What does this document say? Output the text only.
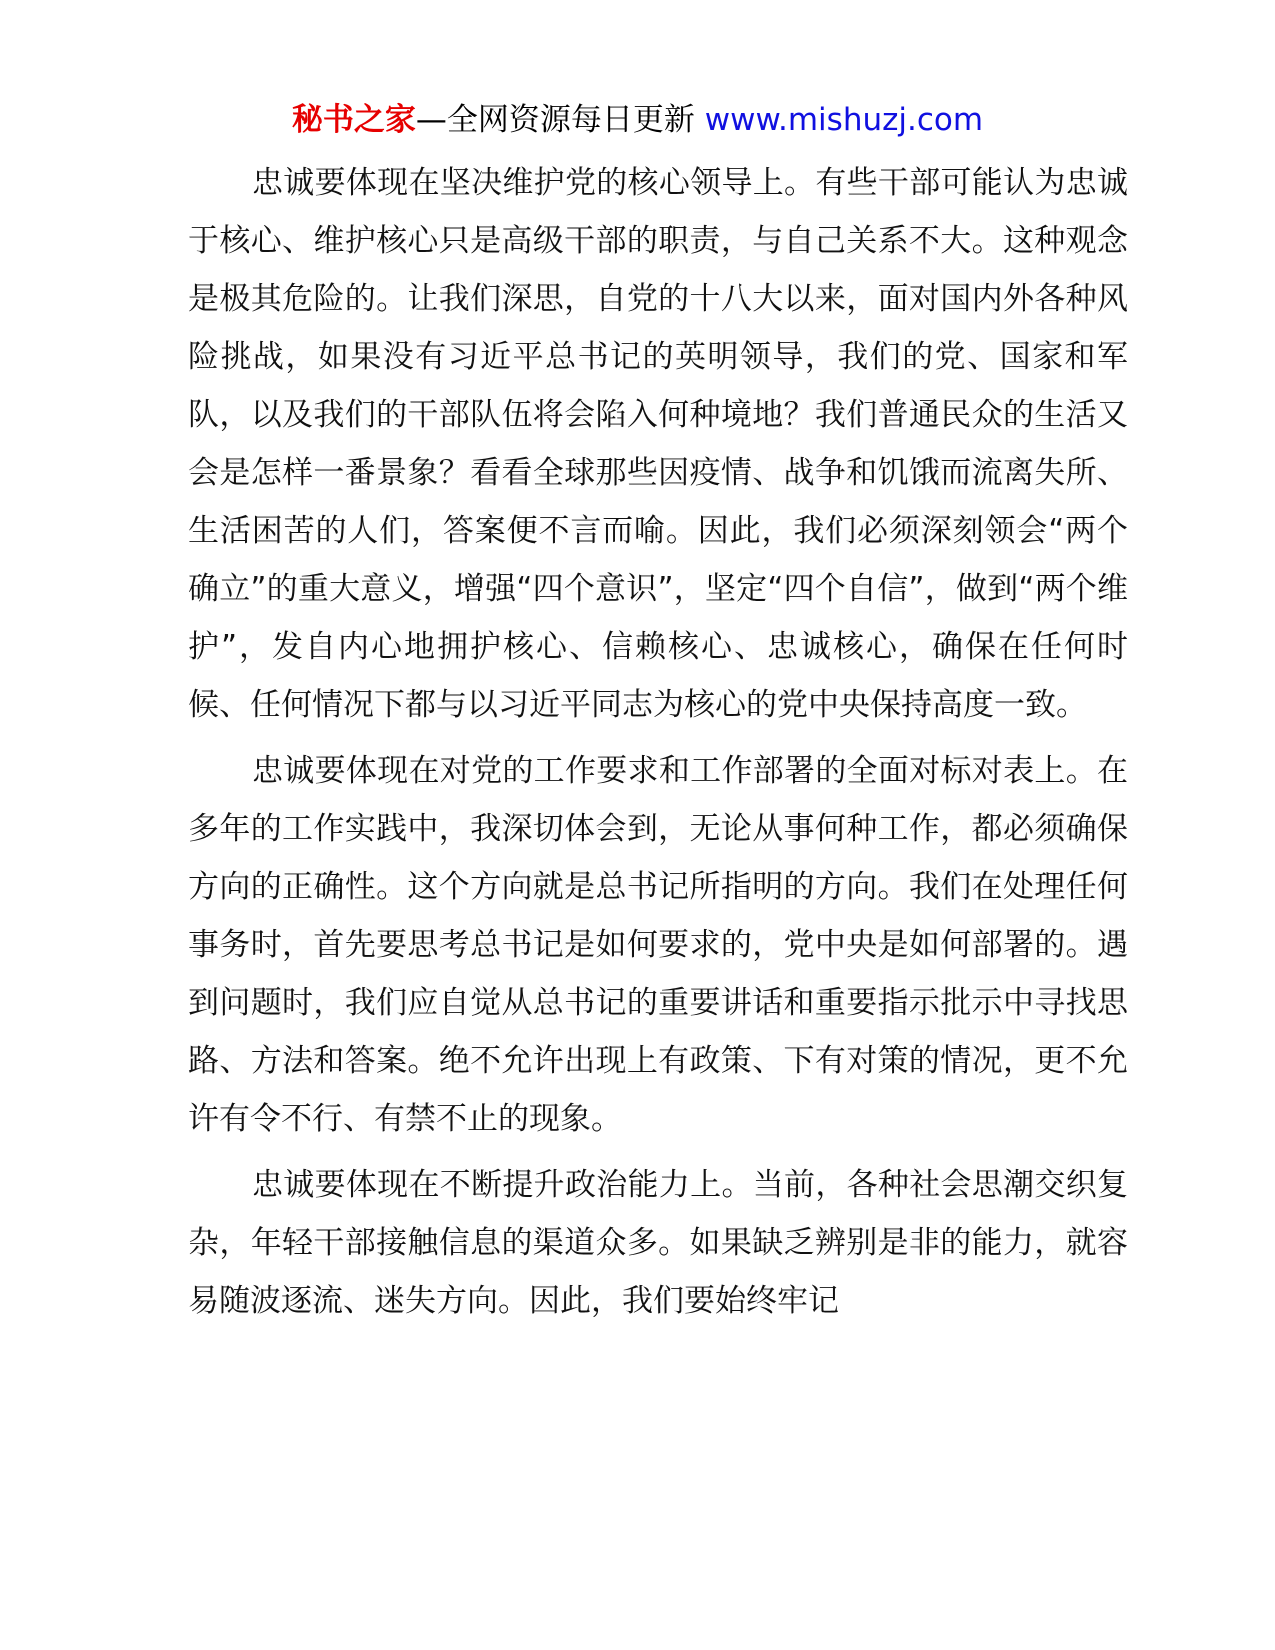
秘书之家—全网资源每日更新 www.mishuzj.com

忠诚要体现在坚决维护党的核心领导上。有些干部可能认为忠诚于核心、维护核心只是高级干部的职责，与自己关系不大。这种观念是极其危险的。让我们深思，自党的十八大以来，面对国内外各种风险挑战，如果没有习近平总书记的英明领导，我们的党、国家和军队，以及我们的干部队伍将会陷入何种境地？我们普通民众的生活又会是怎样一番景象？看看全球那些因疫情、战争和饥饿而流离失所、生活困苦的人们，答案便不言而喻。因此，我们必须深刻领会“两个确立”的重大意义，增强“四个意识”，坚定“四个自信”，做到“两个维护”，发自内心地拥护核心、信赖核心、忠诚核心，确保在任何时候、任何情况下都与以习近平同志为核心的党中央保持高度一致。

忠诚要体现在对党的工作要求和工作部署的全面对标对表上。在多年的工作实践中，我深切体会到，无论从事何种工作，都必须确保方向的正确性。这个方向就是总书记所指明的方向。我们在处理任何事务时，首先要思考总书记是如何要求的，党中央是如何部署的。遇到问题时，我们应自觉从总书记的重要讲话和重要指示批示中寻找思路、方法和答案。绝不允许出现上有政策、下有对策的情况，更不允许有令不行、有禁不止的现象。

忠诚要体现在不断提升政治能力上。当前，各种社会思潮交织复杂，年轻干部接触信息的渠道众多。如果缺乏辨别是非的能力，就容易随波逐流、迷失方向。因此，我们要始终牢记
